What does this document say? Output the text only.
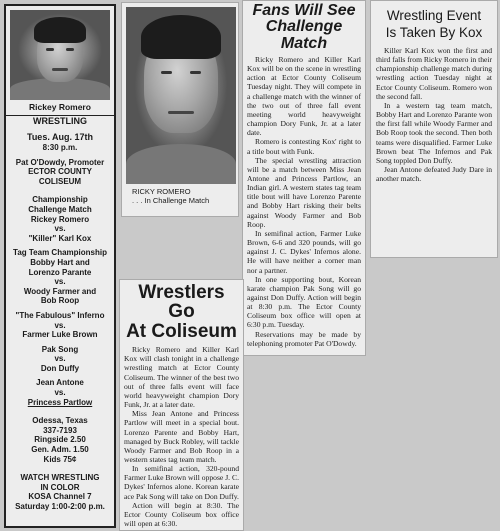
Rickey Romero
WRESTLING
Tues. Aug. 17th
8:30 p.m.
Pat O'Dowdy, Promoter
ECTOR COUNTY
COLISEUM
Championship
Challenge Match
Rickey Romero
vs.
"Killer" Karl Kox
Tag Team Championship
Bobby Hart and
Lorenzo Parante
vs.
Woody Farmer and
Bob Roop
"The Fabulous" Inferno
vs.
Farmer Luke Brown
Pak Song
vs.
Don Duffy
Jean Antone
vs.
Princess Partlow
Odessa, Texas
337-7193
Ringside 2.50
Gen. Adm. 1.50
Kids 75¢
WATCH WRESTLING
IN COLOR
KOSA Channel 7
Saturday 1:00-2:00 p.m.
RICKY ROMERO
. . . In Challenge Match
Fans Will See
Challenge Match

Ricky Romero and Killer Karl Kox will be on the scene in wrestling action at Ector County Coliseum Tuesday night. They will compete in a challenge match with the winner of the two out of three fall event meeting world heavyweight champion Dory Funk, Jr. at a later date.

Romero is contesting Kox' right to a title bout with Funk.

The special wrestling attraction will be a match between Miss Jean Antone and Princess Partlow, an Indian girl. A western states tag team title bout will have Lorenzo Parente and Bobby Hart risking their belts against Woody Farmer and Bob Roop.

In semifinal action, Farmer Luke Brown, 6-6 and 320 pounds, will go against J. C. Dykes' Infernos alone. He will have neither a corner man nor a partner.

In one supporting bout, Korean karate champion Pak Song will go against Don Duffy. Action will begin at 8:30 p.m. The Ector County Coliseum box office will open at 6:30 p.m. Tuesday.

Reservations may be made by telephoning promoter Pat O'Dowdy.

Wrestlers Go
At Coliseum

Ricky Romero and Killer Karl Kox will clash tonight in a challenge wrestling match at Ector County Coliseum. The winner of the best two out of three falls event will face world heavyweight champion Dory Funk, Jr. at a later date.

Miss Jean Antone and Princess Partlow will meet in a special bout. Lorenzo Parente and Bobby Hart, managed by Buck Robley, will tackle Woody Farmer and Bob Roop in a western states tag team match.

In semifinal action, 320-pound Farmer Luke Brown will oppose J. C. Dykes' Infernos alone. Korean karate ace Pak Song will take on Don Duffy.

Action will begin at 8:30. The Ector County Coliseum box office will open at 6:30.

Wrestling Event
Is Taken By Kox

Killer Karl Kox won the first and third falls from Ricky Romero in their championship challenge match during wrestling action Tuesday night at Ector County Coliseum. Romero won the second fall.

In a western tag team match, Bobby Hart and Lorenzo Parante won the first fall while Woody Farmer and Bob Roop took the second. Then both teams were disqualified. Farmer Luke Brown beat The Infernos and Pak Song toppled Don Duffy.

Jean Antone defeated Judy Dare in another match.
